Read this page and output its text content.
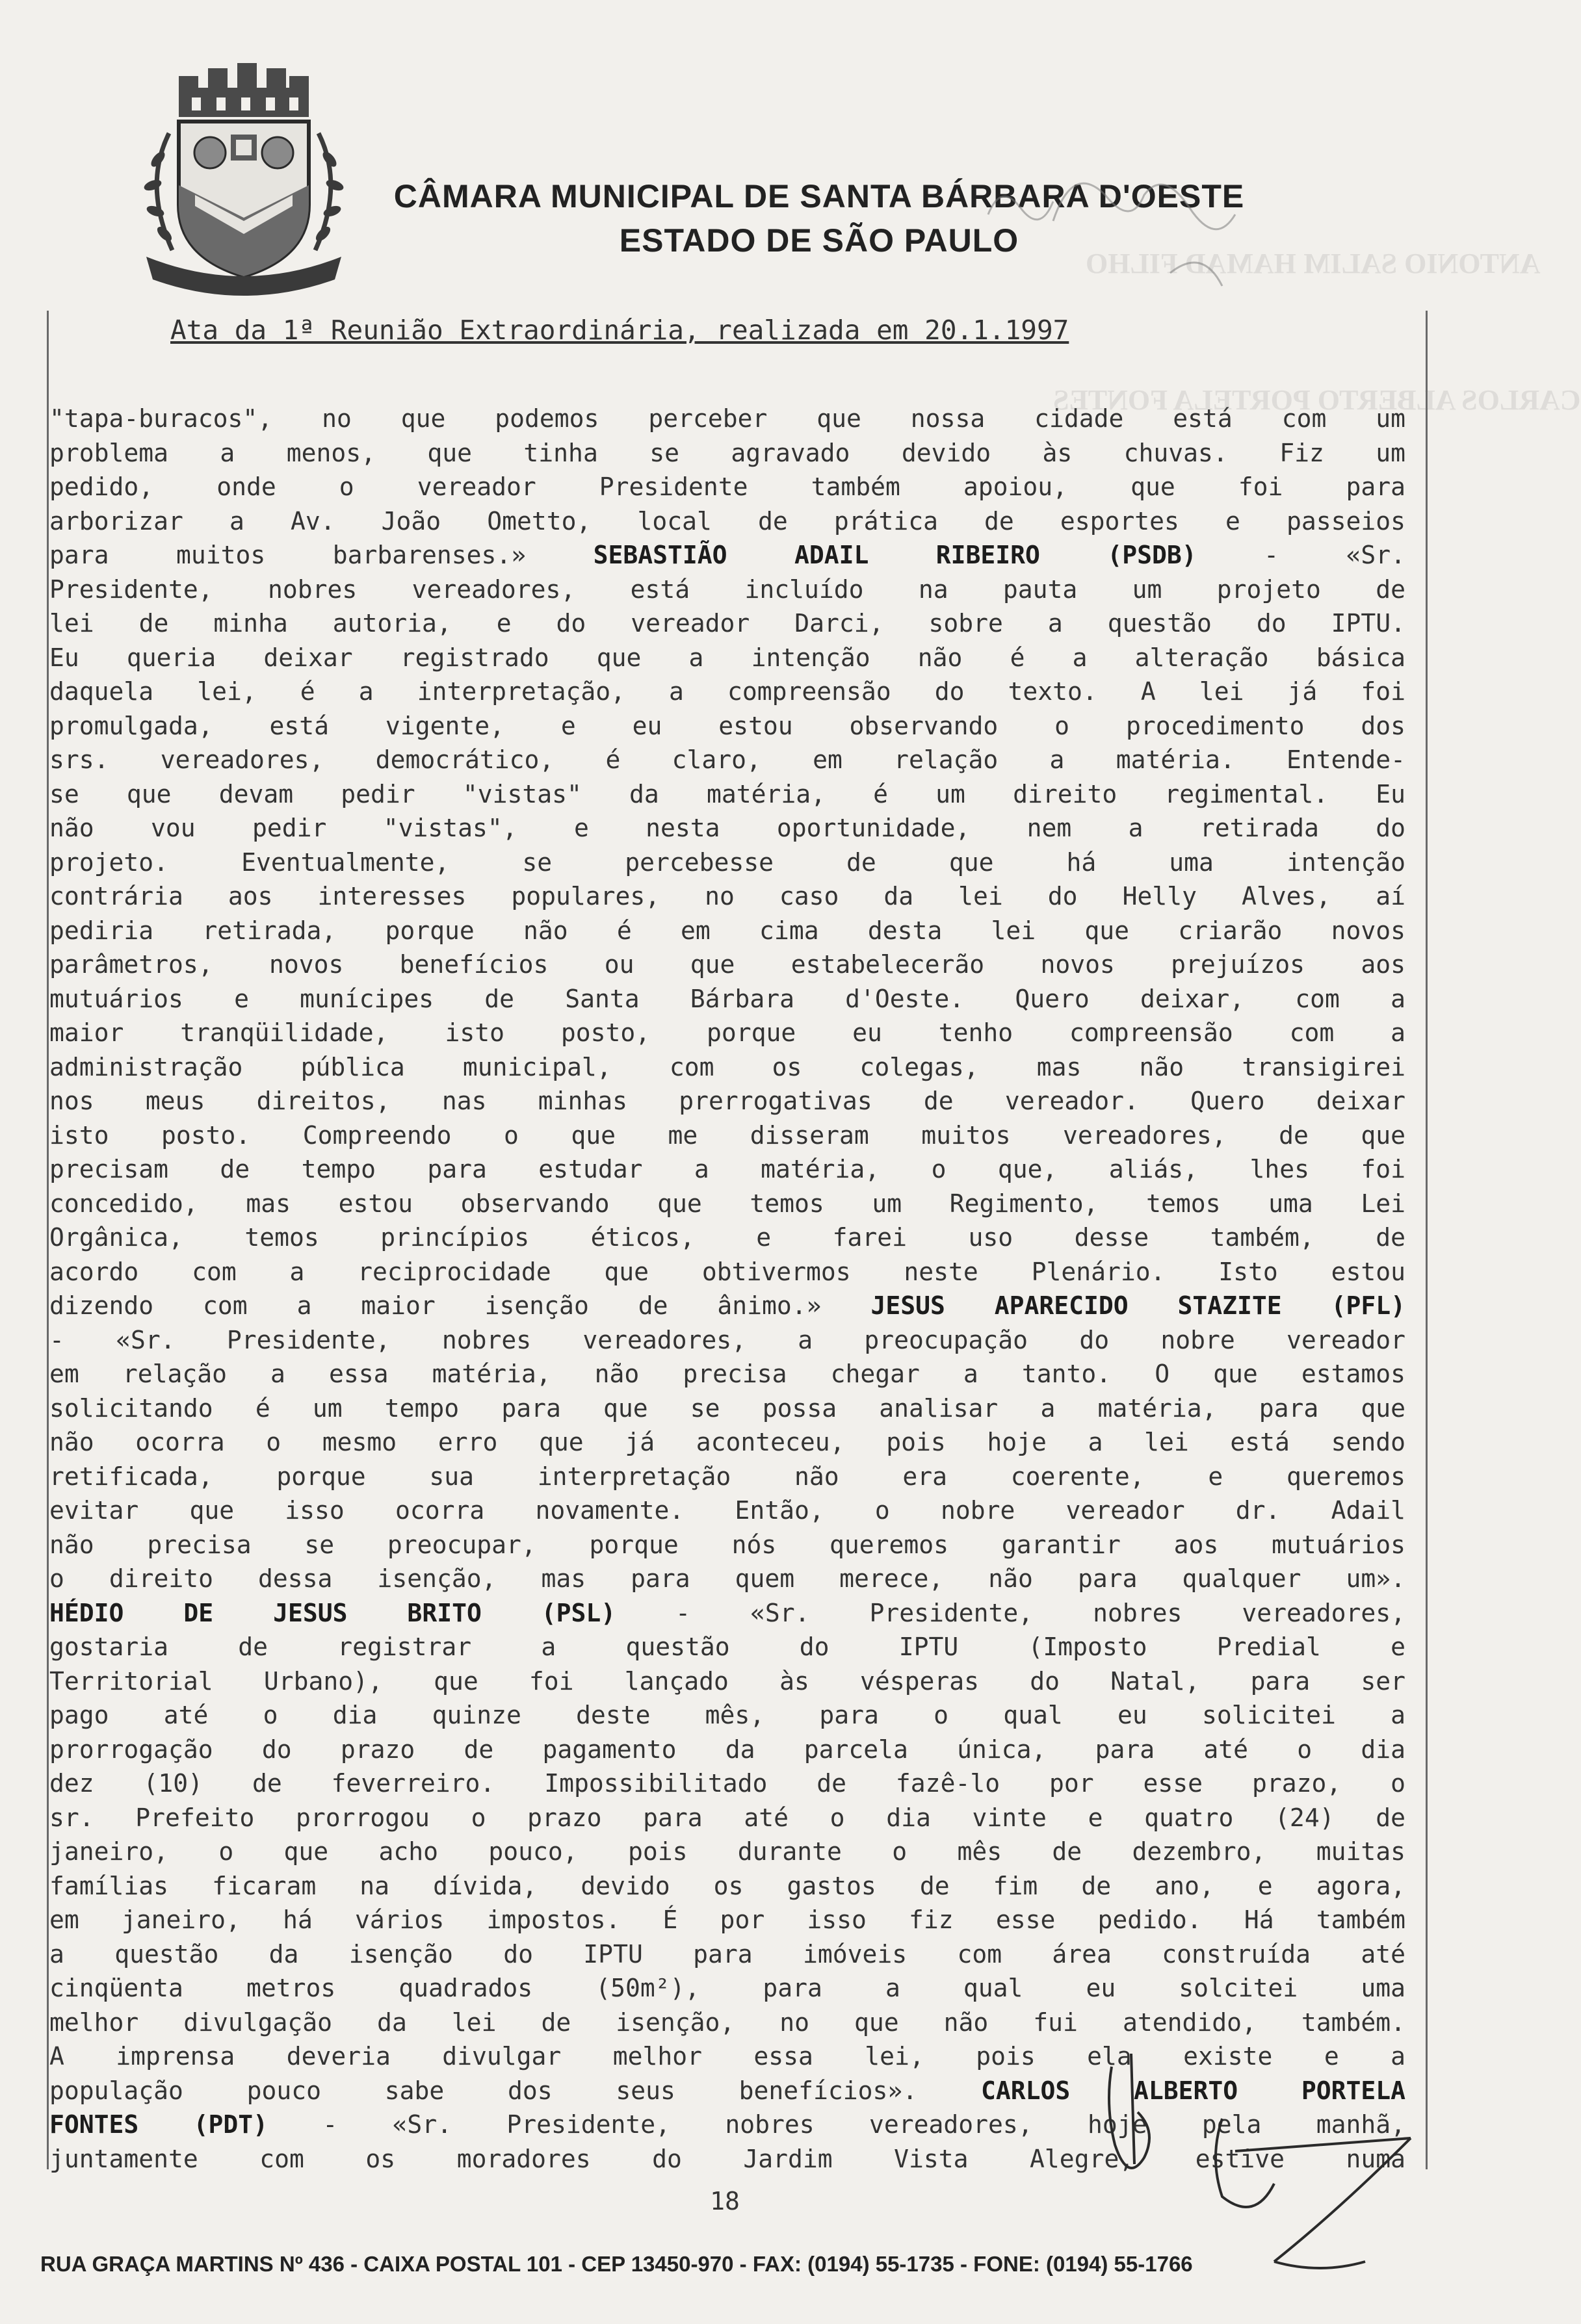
CÂMARA MUNICIPAL DE SANTA BÁRBARA D'OESTE
ESTADO DE SÃO PAULO
Ata da 1ª Reunião Extraordinária, realizada em 20.1.1997
"tapa-buracos", no que podemos perceber que nossa cidade está com um
problema a menos, que tinha se agravado devido às chuvas. Fiz um
pedido, onde o vereador Presidente também apoiou, que foi para
arborizar a Av. João Ometto, local de prática de esportes e passeios
para muitos barbarenses.» SEBASTIÃO ADAIL RIBEIRO (PSDB) - «Sr.
Presidente, nobres vereadores, está incluído na pauta um projeto de
lei de minha autoria, e do vereador Darci, sobre a questão do IPTU.
Eu queria deixar registrado que a intenção não é a alteração básica
daquela lei, é a interpretação, a compreensão do texto. A lei já foi
promulgada, está vigente, e eu estou observando o procedimento dos
srs. vereadores, democrático, é claro, em relação a matéria. Entende-
se que devam pedir "vistas" da matéria, é um direito regimental. Eu
não vou pedir "vistas", e nesta oportunidade, nem a retirada do
projeto. Eventualmente, se percebesse de que há uma intenção
contrária aos interesses populares, no caso da lei do Helly Alves, aí
pediria retirada, porque não é em cima desta lei que criarão novos
parâmetros, novos benefícios ou que estabelecerão novos prejuízos aos
mutuários e munícipes de Santa Bárbara d'Oeste. Quero deixar, com a
maior tranqüilidade, isto posto, porque eu tenho compreensão com a
administração pública municipal, com os colegas, mas não transigirei
nos meus direitos, nas minhas prerrogativas de vereador. Quero deixar
isto posto. Compreendo o que me disseram muitos vereadores, de que
precisam de tempo para estudar a matéria, o que, aliás, lhes foi
concedido, mas estou observando que temos um Regimento, temos uma Lei
Orgânica, temos princípios éticos, e farei uso desse também, de
acordo com a reciprocidade que obtivermos neste Plenário. Isto estou
dizendo com a maior isenção de ânimo.» JESUS APARECIDO STAZITE (PFL)
- «Sr. Presidente, nobres vereadores, a preocupação do nobre vereador
em relação a essa matéria, não precisa chegar a tanto. O que estamos
solicitando é um tempo para que se possa analisar a matéria, para que
não ocorra o mesmo erro que já aconteceu, pois hoje a lei está sendo
retificada, porque sua interpretação não era coerente, e queremos
evitar que isso ocorra novamente. Então, o nobre vereador dr. Adail
não precisa se preocupar, porque nós queremos garantir aos mutuários
o direito dessa isenção, mas para quem merece, não para qualquer um».
HÉDIO DE JESUS BRITO (PSL) - «Sr. Presidente, nobres vereadores,
gostaria de registrar a questão do IPTU (Imposto Predial e
Territorial Urbano), que foi lançado às vésperas do Natal, para ser
pago até o dia quinze deste mês, para o qual eu solicitei a
prorrogação do prazo de pagamento da parcela única, para até o dia
dez (10) de feverreiro. Impossibilitado de fazê-lo por esse prazo, o
sr. Prefeito prorrogou o prazo para até o dia vinte e quatro (24) de
janeiro, o que acho pouco, pois durante o mês de dezembro, muitas
famílias ficaram na dívida, devido os gastos de fim de ano, e agora,
em janeiro, há vários impostos. É por isso fiz esse pedido. Há também
a questão da isenção do IPTU para imóveis com área construída até
cinqüenta metros quadrados (50m²), para a qual eu solcitei uma
melhor divulgação da lei de isenção, no que não fui atendido, também.
A imprensa deveria divulgar melhor essa lei, pois ela existe e a
população pouco sabe dos seus benefícios». CARLOS ALBERTO PORTELA
FONTES (PDT) - «Sr. Presidente, nobres vereadores, hoje pela manhã,
juntamente com os moradores do Jardim Vista Alegre, estive numa
18
RUA GRAÇA MARTINS Nº 436 - CAIXA POSTAL 101 - CEP 13450-970 - FAX: (0194) 55-1735 - FONE: (0194) 55-1766
CARLOS ALBERTO PORTELA FONTES
ANTONIO SALIM HAMAD FILHO
